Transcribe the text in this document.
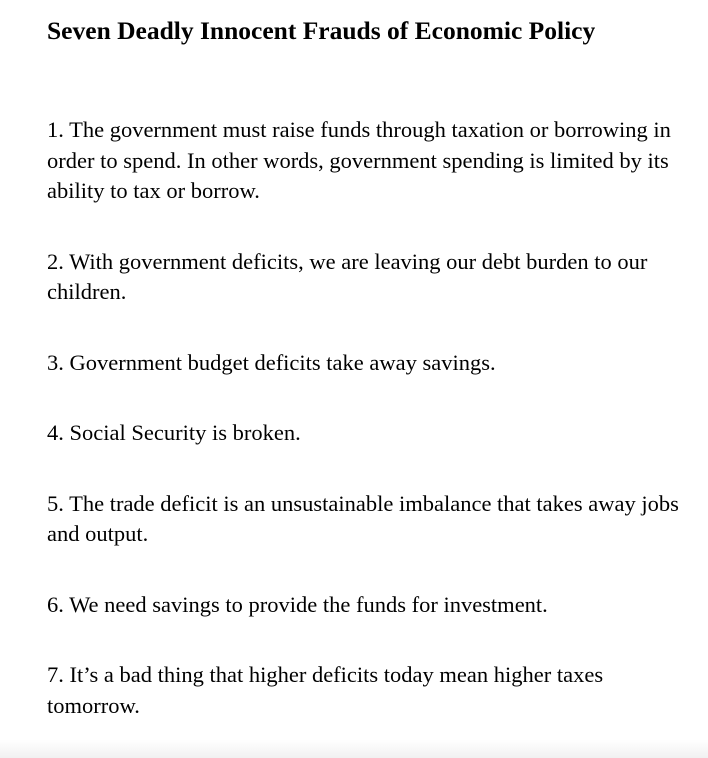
Seven Deadly Innocent Frauds of Economic Policy
1. The government must raise funds through taxation or borrowing in order to spend. In other words, government spending is limited by its ability to tax or borrow.
2. With government deficits, we are leaving our debt burden to our children.
3. Government budget deficits take away savings.
4. Social Security is broken.
5. The trade deficit is an unsustainable imbalance that takes away jobs and output.
6. We need savings to provide the funds for investment.
7. It’s a bad thing that higher deficits today mean higher taxes tomorrow.
